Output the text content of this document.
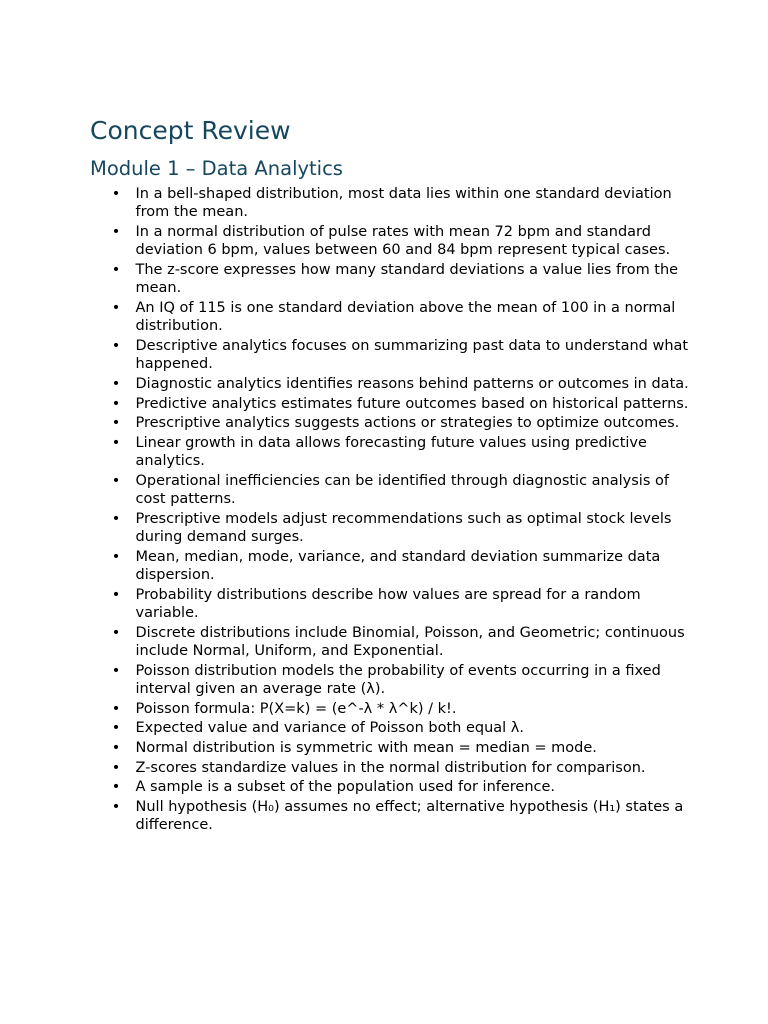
Concept Review
Module 1 – Data Analytics
• In a bell-shaped distribution, most data lies within one standard deviation from the mean.
• In a normal distribution of pulse rates with mean 72 bpm and standard deviation 6 bpm, values between 60 and 84 bpm represent typical cases.
• The z-score expresses how many standard deviations a value lies from the mean.
• An IQ of 115 is one standard deviation above the mean of 100 in a normal distribution.
• Descriptive analytics focuses on summarizing past data to understand what happened.
• Diagnostic analytics identifies reasons behind patterns or outcomes in data.
• Predictive analytics estimates future outcomes based on historical patterns.
• Prescriptive analytics suggests actions or strategies to optimize outcomes.
• Linear growth in data allows forecasting future values using predictive analytics.
• Operational inefficiencies can be identified through diagnostic analysis of cost patterns.
• Prescriptive models adjust recommendations such as optimal stock levels during demand surges.
• Mean, median, mode, variance, and standard deviation summarize data dispersion.
• Probability distributions describe how values are spread for a random variable.
• Discrete distributions include Binomial, Poisson, and Geometric; continuous include Normal, Uniform, and Exponential.
• Poisson distribution models the probability of events occurring in a fixed interval given an average rate (λ).
• Poisson formula: P(X=k) = (e^-λ * λ^k) / k!.
• Expected value and variance of Poisson both equal λ.
• Normal distribution is symmetric with mean = median = mode.
• Z-scores standardize values in the normal distribution for comparison.
• A sample is a subset of the population used for inference.
• Null hypothesis (H₀) assumes no effect; alternative hypothesis (H₁) states a difference.
